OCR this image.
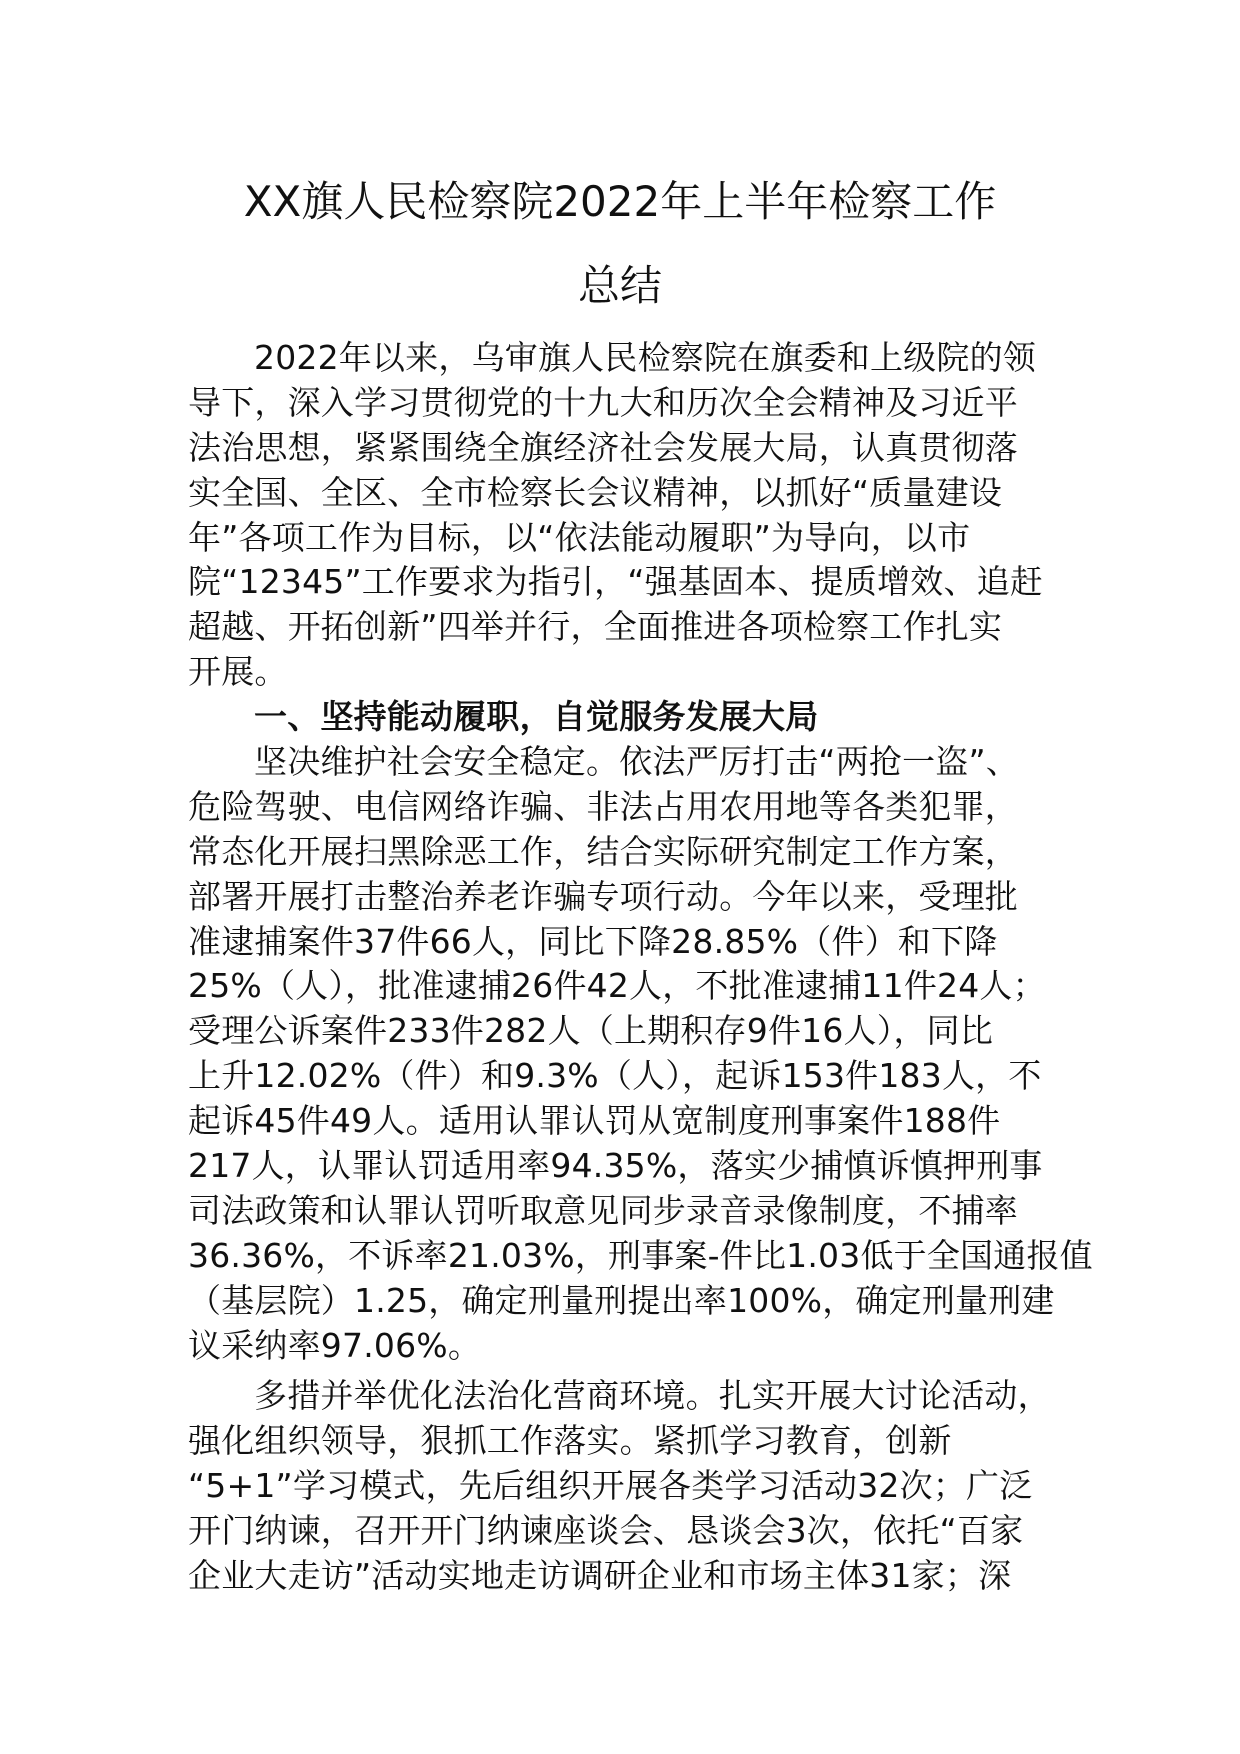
XX旗人民检察院2022年上半年检察工作
总结
2022年以来，乌审旗人民检察院在旗委和上级院的领
导下，深入学习贯彻党的十九大和历次全会精神及习近平
法治思想，紧紧围绕全旗经济社会发展大局，认真贯彻落
实全国、全区、全市检察长会议精神，以抓好“质量建设
年”各项工作为目标，以“依法能动履职”为导向，以市
院“12345”工作要求为指引，“强基固本、提质增效、追赶
超越、开拓创新”四举并行，全面推进各项检察工作扎实
开展。
一、坚持能动履职，自觉服务发展大局
坚决维护社会安全稳定。依法严厉打击“两抢一盗”、
危险驾驶、电信网络诈骗、非法占用农用地等各类犯罪，
常态化开展扫黑除恶工作，结合实际研究制定工作方案，
部署开展打击整治养老诈骗专项行动。今年以来，受理批
准逮捕案件37件66人，同比下降28.85%（件）和下降
25%（人），批准逮捕26件42人，不批准逮捕11件24人；
受理公诉案件233件282人（上期积存9件16人），同比
上升12.02%（件）和9.3%（人），起诉153件183人，不
起诉45件49人。适用认罪认罚从宽制度刑事案件188件
217人，认罪认罚适用率94.35%，落实少捕慎诉慎押刑事
司法政策和认罪认罚听取意见同步录音录像制度，不捕率
36.36%，不诉率21.03%，刑事案-件比1.03低于全国通报值
（基层院）1.25，确定刑量刑提出率100%，确定刑量刑建
议采纳率97.06%。
多措并举优化法治化营商环境。扎实开展大讨论活动，
强化组织领导，狠抓工作落实。紧抓学习教育，创新
“5+1”学习模式，先后组织开展各类学习活动32次；广泛
开门纳谏，召开开门纳谏座谈会、恳谈会3次，依托“百家
企业大走访”活动实地走访调研企业和市场主体31家；深
